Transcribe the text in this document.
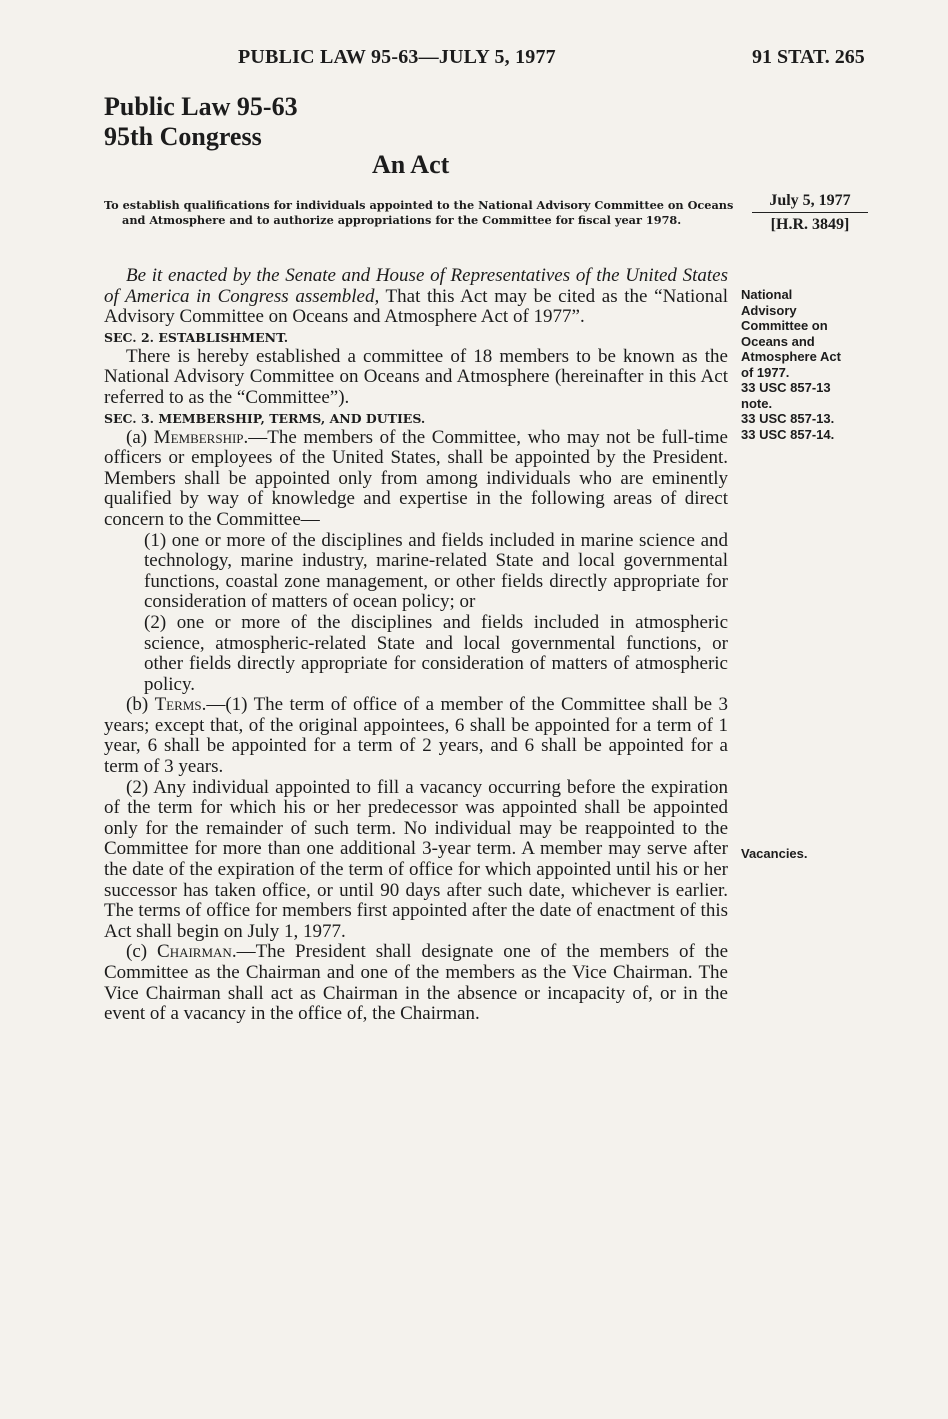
PUBLIC LAW 95-63—JULY 5, 1977	91 STAT. 265
Public Law 95-63
95th Congress
An Act
To establish qualifications for individuals appointed to the National Advisory Committee on Oceans and Atmosphere and to authorize appropriations for the Committee for fiscal year 1978.
July 5, 1977
[H.R. 3849]

Be it enacted by the Senate and House of Representatives of the United States of America in Congress assembled, That this Act may be cited as the “National Advisory Committee on Oceans and Atmosphere Act of 1977”.

SEC. 2. ESTABLISHMENT.

There is hereby established a committee of 18 members to be known as the National Advisory Committee on Oceans and Atmosphere (hereinafter in this Act referred to as the “Committee”).

SEC. 3. MEMBERSHIP, TERMS, AND DUTIES.

(a) Membership.—The members of the Committee, who may not be full-time officers or employees of the United States, shall be appointed by the President. Members shall be appointed only from among individuals who are eminently qualified by way of knowledge and expertise in the following areas of direct concern to the Committee—

(1) one or more of the disciplines and fields included in marine science and technology, marine industry, marine-related State and local governmental functions, coastal zone management, or other fields directly appropriate for consideration of matters of ocean policy; or

(2) one or more of the disciplines and fields included in atmospheric science, atmospheric-related State and local governmental functions, or other fields directly appropriate for consideration of matters of atmospheric policy.

(b) Terms.—(1) The term of office of a member of the Committee shall be 3 years; except that, of the original appointees, 6 shall be appointed for a term of 1 year, 6 shall be appointed for a term of 2 years, and 6 shall be appointed for a term of 3 years.

(2) Any individual appointed to fill a vacancy occurring before the expiration of the term for which his or her predecessor was appointed shall be appointed only for the remainder of such term. No individual may be reappointed to the Committee for more than one additional 3-year term. A member may serve after the date of the expiration of the term of office for which appointed until his or her successor has taken office, or until 90 days after such date, whichever is earlier. The terms of office for members first appointed after the date of enactment of this Act shall begin on July 1, 1977.

(c) Chairman.—The President shall designate one of the members of the Committee as the Chairman and one of the members as the Vice Chairman. The Vice Chairman shall act as Chairman in the absence or incapacity of, or in the event of a vacancy in the office of, the Chairman.

National
Advisory
Committee on
Oceans and
Atmosphere Act
of 1977.
33 USC 857-13
note.
33 USC 857-13.
33 USC 857-14.
Vacancies.
